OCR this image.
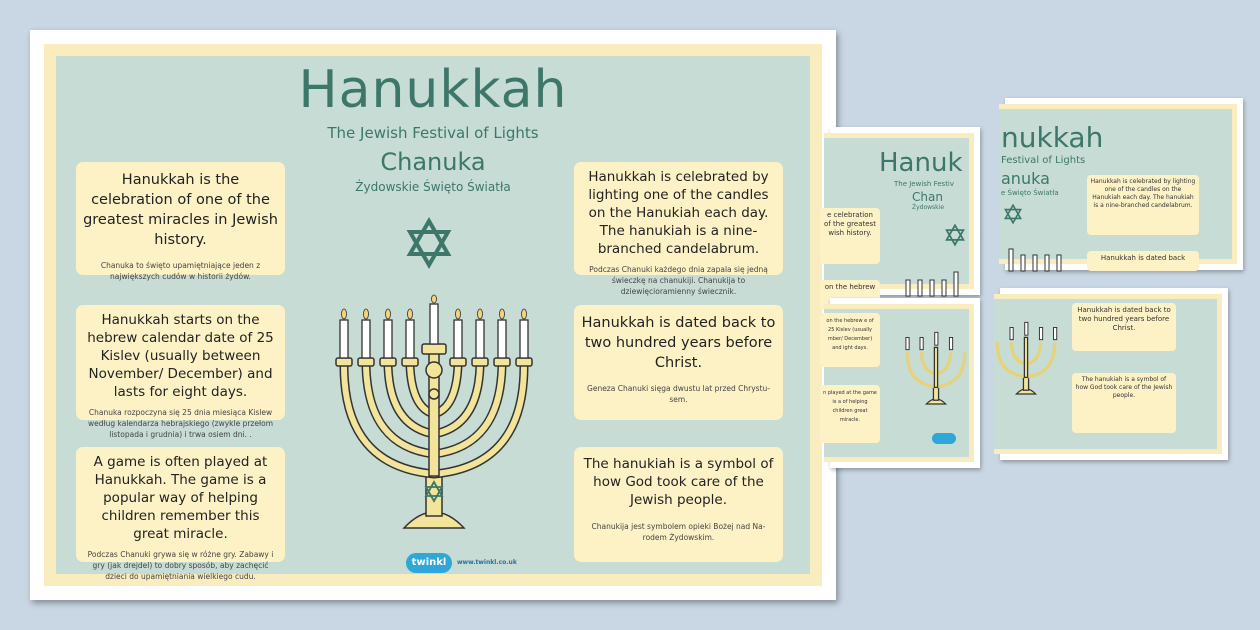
Hanukkah
The Jewish Festival of Lights
Chanuka
Żydowskie Święto Światła
Hanukkah is the celebration of one of the greatest miracles in Jewish history.
Chanuka to święto upamiętniające jeden z największych cudów w historii żydów.
Hanukkah starts on the hebrew calendar date of 25 Kislev (usually between November/ December) and lasts for eight days.
Chanuka rozpoczyna się 25 dnia miesiąca Kislew według kalendarza hebrajskiego (zwykle przełom listopada i grudnia) i trwa osiem dni. .
A game is often played at Hanukkah. The game is a popular way of helping children remember this great miracle.
Podczas Chanuki grywa się w różne gry. Zabawy i gry (jak drejdel) to dobry sposób, aby zachęcić dzieci do upamiętniania wielkiego cudu.
Hanukkah is celebrated by lighting one of the candles on the Hanukiah each day. The hanukiah is a nine-branched candelabrum.
Podczas Chanuki każdego dnia zapala się jedną świeczkę na chanukiji. Chanukija to dziewięcioramienny świecznik.
Hanukkah is dated back to two hundred years before Christ.
Geneza Chanuki sięga dwustu lat przed Chrystu-sem.
The hanukiah is a symbol of how God took care of the Jewish people.
Chanukija jest symbolem opieki Bożej nad Na-rodem Żydowskim.
twinkl	www.twinkl.co.uk
Hanuk
The Jewish Festiv
Chan
Żydowskie
e celebration of the greatest wish history.
on the hebrew
nukkah
Festival of Lights
anuka
e Święto Światła
Hanukkah is celebrated by lighting one of the candles on the Hanukiah each day. The hanukiah is a nine-branched candelabrum.
Hanukkah is dated back
on the hebrew e of 25 Kislev (usually mber/ December) and ight days.
n played at the game is a of helping children great miracle.
Hanukkah is dated back to two hundred years before Christ.
The hanukiah is a symbol of how God took care of the Jewish people.
